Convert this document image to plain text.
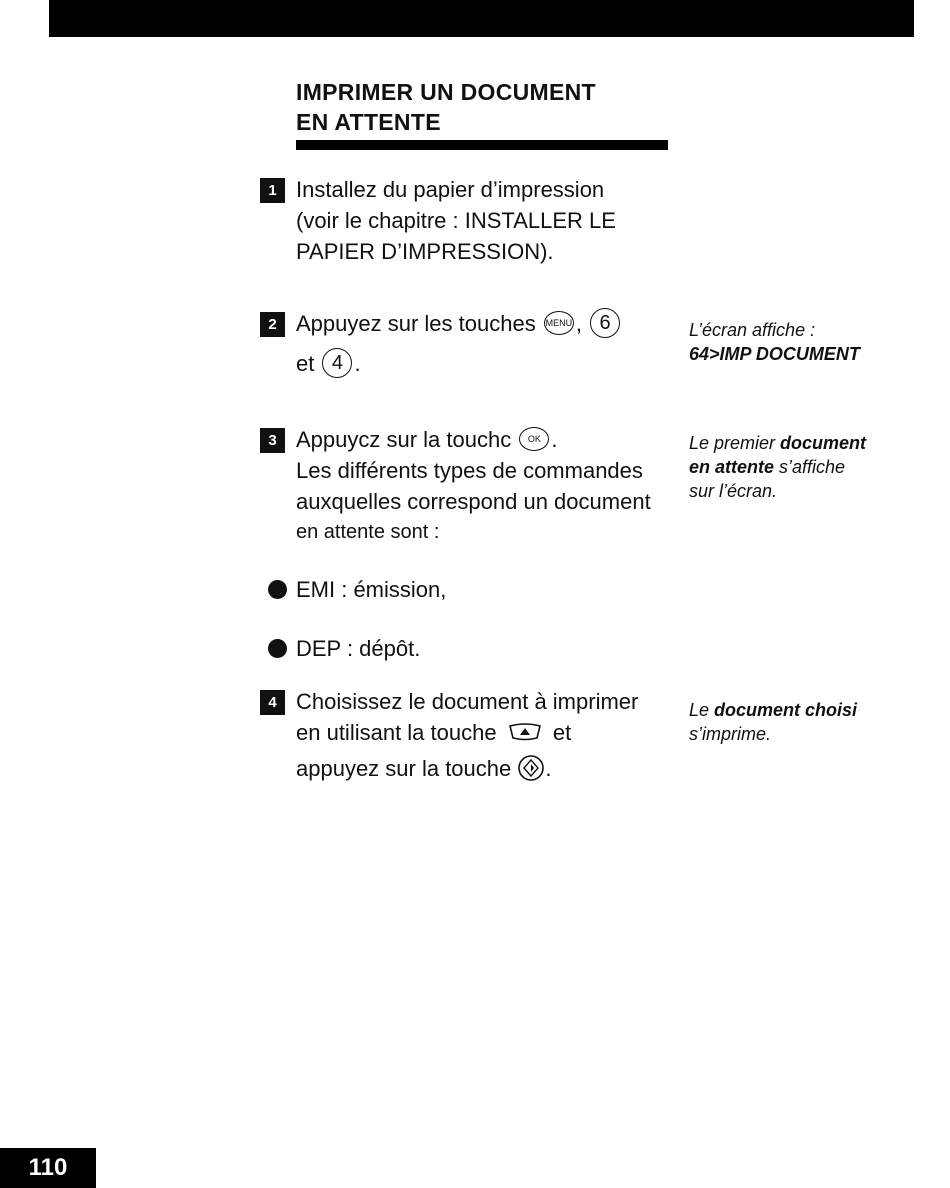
IMPRIMER UN DOCUMENT
EN ATTENTE
1 Installez du papier d’impression
(voir le chapitre : INSTALLER LE
PAPIER D’IMPRESSION).
2 Appuyez sur les touches MENU , 6
et 4 .
L’écran affiche :
64>IMP DOCUMENT
3 Appuycz sur la touchc OK .
Les différents types de commandes
auxquelles correspond un document
en attente sont :
Le premier document
en attente s’affiche
sur l’écran.
EMI : émission,
DEP : dépôt.
4 Choisissez le document à imprimer
en utilisant la touche	et
appuyez sur la touche .
Le document choisi
s’imprime.
110
